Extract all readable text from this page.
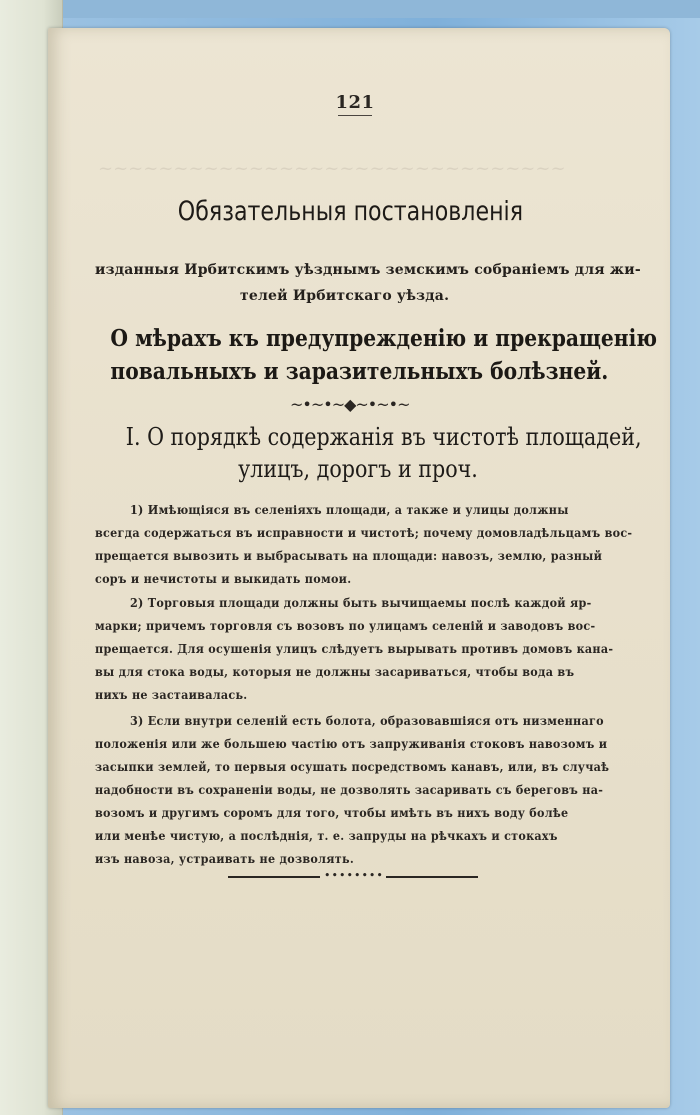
~~~~~~~~~~~~~~~~~~~~~~~~~~~~~~~
121
Обязательныя постановленія
изданныя Ирбитскимъ уѣзднымъ земскимъ собраніемъ для жи-
телей Ирбитскаго уѣзда.
О мѣрахъ къ предупрежденію и прекращенію
повальныхъ и заразительныхъ болѣзней.
~•~•~◆~•~•~
I. О порядкѣ содержанія въ чистотѣ площадей,
улицъ, дорогъ и проч.
1) Имѣющіяся въ селеніяхъ площади, а также и улицы должны
всегда содержаться въ исправности и чистотѣ; почему домовладѣльцамъ вос-
прещается вывозить и выбрасывать на площади: навозъ, землю, разный
соръ и нечистоты и выкидать помои.
2) Торговыя площади должны быть вычищаемы послѣ каждой яр-
марки; причемъ торговля съ возовъ по улицамъ селеній и заводовъ вос-
прещается. Для осушенія улицъ слѣдуетъ вырывать противъ домовъ кана-
вы для стока воды, которыя не должны засариваться, чтобы вода въ
нихъ не застаивалась.
3) Если внутри селеній есть болота, образовавшіяся отъ низменнаго
положенія или же большею частію отъ запруживанія стоковъ навозомъ и
засыпки землей, то первыя осушать посредствомъ канавъ, или, въ случаѣ
надобности въ сохраненіи воды, не дозволять засаривать съ береговъ на-
возомъ и другимъ соромъ для того, чтобы имѣть въ нихъ воду болѣе
или менѣе чистую, а послѣднія, т. е. запруды на рѣчкахъ и стокахъ
изъ навоза, устраивать не дозволять.
••••••••
